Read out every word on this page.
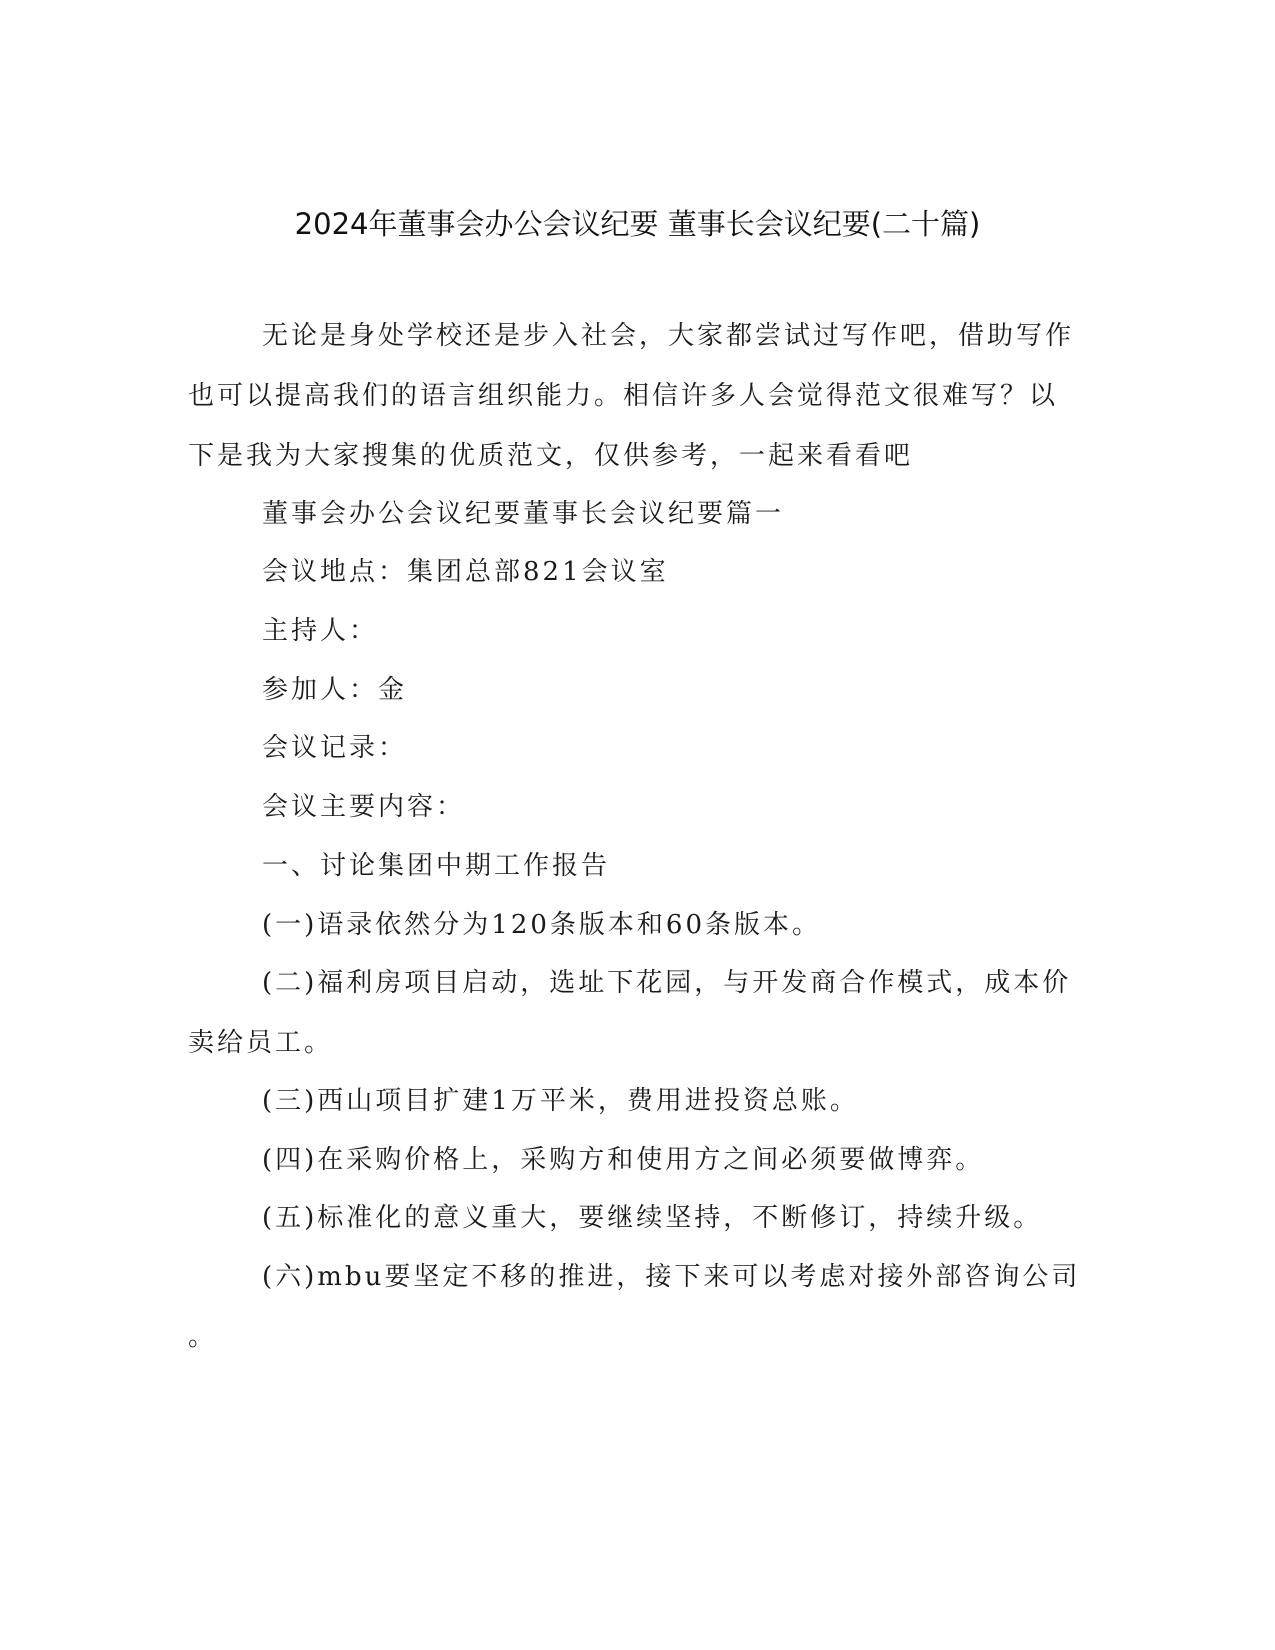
2024年董事会办公会议纪要 董事长会议纪要(二十篇)
无论是身处学校还是步入社会，大家都尝试过写作吧，借助写作
也可以提高我们的语言组织能力。相信许多人会觉得范文很难写？以
下是我为大家搜集的优质范文，仅供参考，一起来看看吧
董事会办公会议纪要董事长会议纪要篇一
会议地点：集团总部821会议室
主持人：
参加人：金
会议记录：
会议主要内容：
一、讨论集团中期工作报告
(一)语录依然分为120条版本和60条版本。
(二)福利房项目启动，选址下花园，与开发商合作模式，成本价
卖给员工。
(三)西山项目扩建1万平米，费用进投资总账。
(四)在采购价格上，采购方和使用方之间必须要做博弈。
(五)标准化的意义重大，要继续坚持，不断修订，持续升级。
(六)mbu要坚定不移的推进，接下来可以考虑对接外部咨询公司
。
